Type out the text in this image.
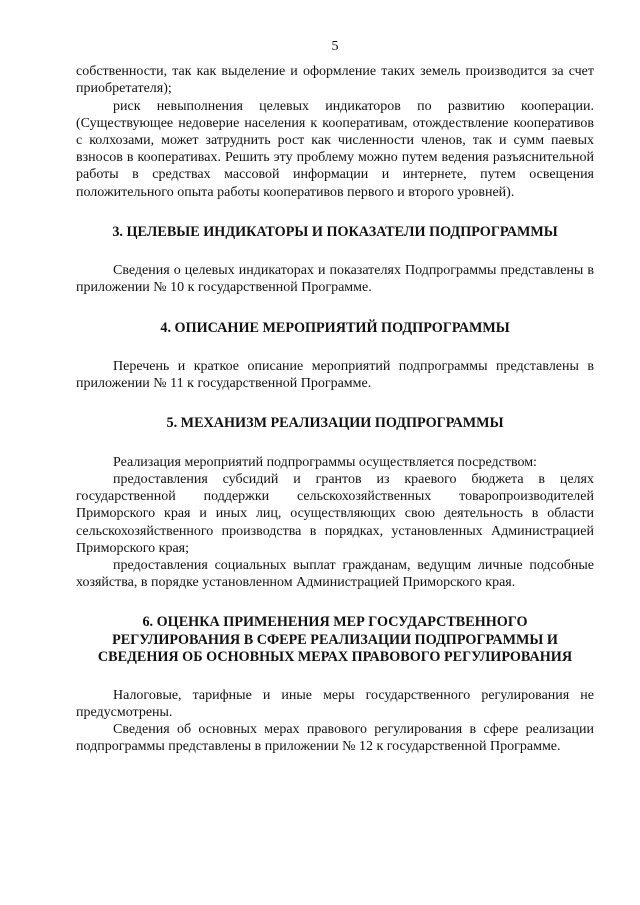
5

собственности, так как выделение и оформление таких земель производится за счет приобретателя);

риск невыполнения целевых индикаторов по развитию кооперации. (Существующее недоверие населения к кооперативам, отождествление кооперативов с колхозами, может затруднить рост как численности членов, так и сумм паевых взносов в кооперативах. Решить эту проблему можно путем ведения разъяснительной работы в средствах массовой информации и интернете, путем освещения положительного опыта работы кооперативов первого и второго уровней).

3. ЦЕЛЕВЫЕ ИНДИКАТОРЫ И ПОКАЗАТЕЛИ ПОДПРОГРАММЫ

Сведения о целевых индикаторах и показателях Подпрограммы представлены в приложении № 10 к государственной Программе.

4. ОПИСАНИЕ МЕРОПРИЯТИЙ ПОДПРОГРАММЫ

Перечень и краткое описание мероприятий подпрограммы представлены в приложении № 11 к государственной Программе.

5. МЕХАНИЗМ РЕАЛИЗАЦИИ ПОДПРОГРАММЫ

Реализация мероприятий подпрограммы осуществляется посредством:

предоставления субсидий и грантов из краевого бюджета в целях государственной поддержки сельскохозяйственных товаропроизводителей Приморского края и иных лиц, осуществляющих свою деятельность в области сельскохозяйственного производства в порядках, установленных Администрацией Приморского края;

предоставления социальных выплат гражданам, ведущим личные подсобные хозяйства, в порядке установленном Администрацией Приморского края.

6. ОЦЕНКА ПРИМЕНЕНИЯ МЕР ГОСУДАРСТВЕННОГО
РЕГУЛИРОВАНИЯ В СФЕРЕ РЕАЛИЗАЦИИ ПОДПРОГРАММЫ И
СВЕДЕНИЯ ОБ ОСНОВНЫХ МЕРАХ ПРАВОВОГО РЕГУЛИРОВАНИЯ

Налоговые, тарифные и иные меры государственного регулирования не предусмотрены.

Сведения об основных мерах правового регулирования в сфере реализации подпрограммы представлены в приложении № 12 к государственной Программе.
